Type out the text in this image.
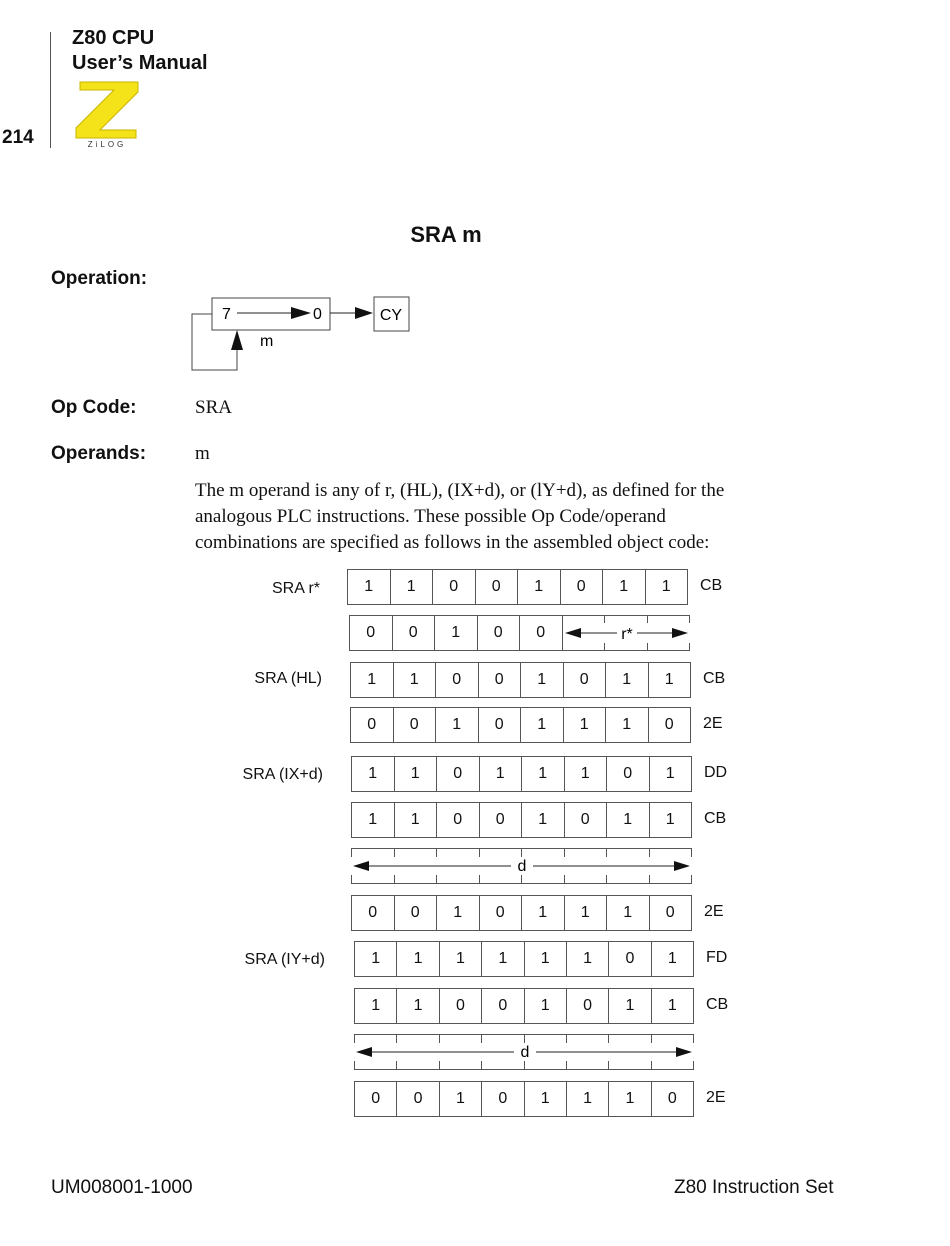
Z80 CPU
User’s Manual
214	ZiLOG
SRA m
Operation:
7	0	CY
m
Op Code:	SRA
Operands:	m
The m operand is any of r, (HL), (IX+d), or (lY+d), as defined for the
analogous PLC instructions. These possible Op Code/operand
combinations are specified as follows in the assembled object code:
SRA r*	1	1	0	0	1	0	1	1	CB
0	0	1	0	0	r*
SRA (HL)	1	1	0	0	1	0	1	1	CB
0	0	1	0	1	1	1	0	2E
SRA (IX+d)	1	1	0	1	1	1	0	1	DD
1	1	0	0	1	0	1	1	CB
d
0	0	1	0	1	1	1	0	2E
SRA (IY+d)	1	1	1	1	1	1	0	1	FD
1	1	0	0	1	0	1	1	CB
d
0	0	1	0	1	1	1	0	2E
UM008001-1000	Z80 Instruction Set
